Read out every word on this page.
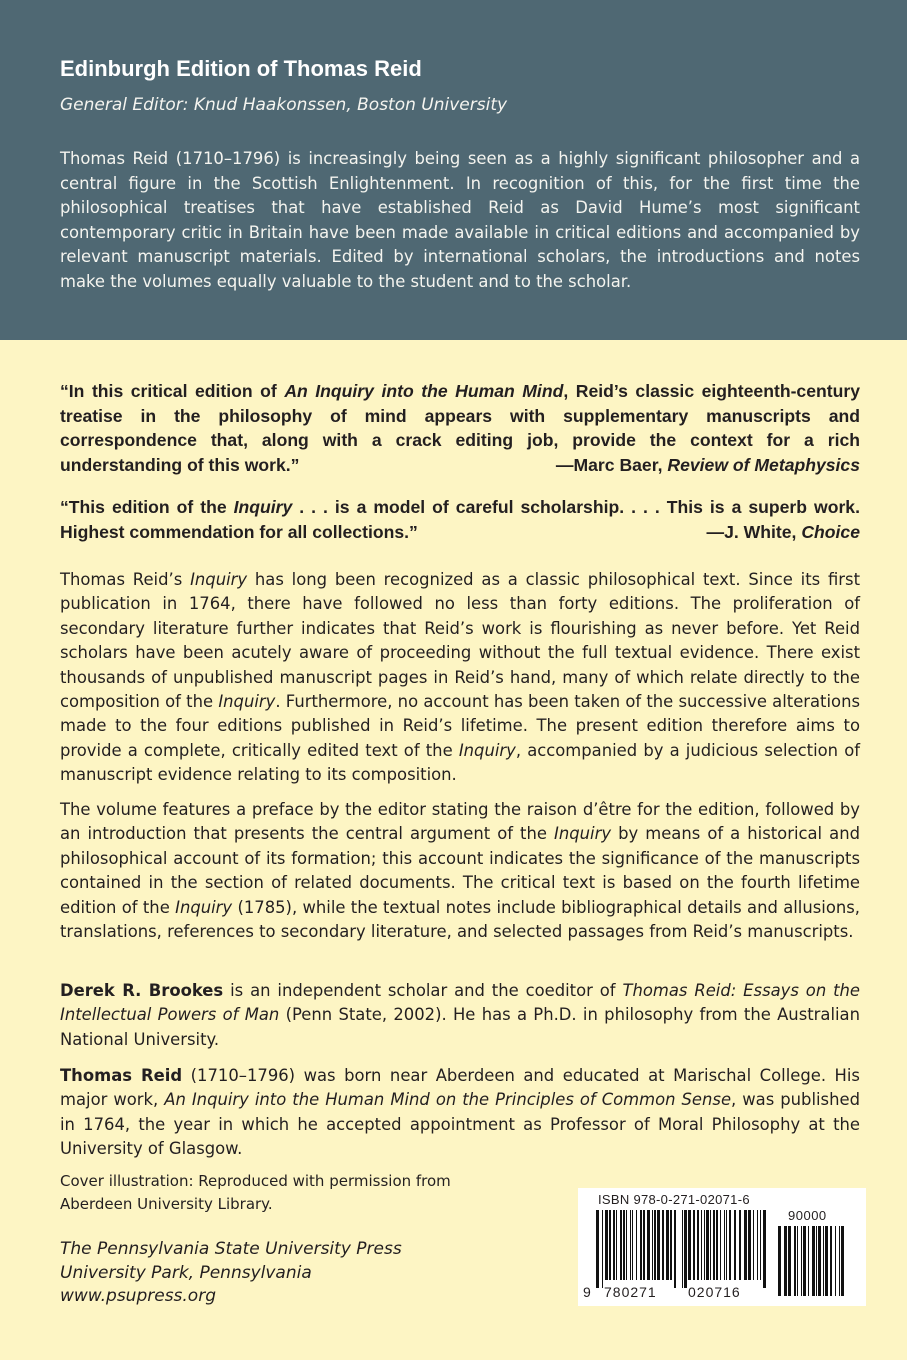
Edinburgh Edition of Thomas Reid
General Editor: Knud Haakonssen, Boston University
Thomas Reid (1710–1796) is increasingly being seen as a highly significant philosopher and a central figure in the Scottish Enlightenment. In recognition of this, for the first time the philosophical treatises that have established Reid as David Hume’s most significant contemporary critic in Britain have been made available in critical editions and accompanied by relevant manuscript materials. Edited by international scholars, the introductions and notes make the volumes equally valuable to the student and to the scholar.
“In this critical edition of An Inquiry into the Human Mind, Reid’s classic eighteenth-century treatise in the philosophy of mind appears with supplementary manuscripts and correspondence that, along with a crack editing job, provide the context for a rich understanding of this work.”	—Marc Baer, Review of Metaphysics
“This edition of the Inquiry . . . is a model of careful scholarship. . . . This is a superb work. Highest commendation for all collections.”	—J. White, Choice
Thomas Reid’s Inquiry has long been recognized as a classic philosophical text. Since its first publication in 1764, there have followed no less than forty editions. The proliferation of secondary literature further indicates that Reid’s work is flourishing as never before. Yet Reid scholars have been acutely aware of proceeding without the full textual evidence. There exist thousands of unpublished manuscript pages in Reid’s hand, many of which relate directly to the composition of the Inquiry. Furthermore, no account has been taken of the successive alterations made to the four editions published in Reid’s lifetime. The present edition therefore aims to provide a complete, critically edited text of the Inquiry, accompanied by a judicious selection of manuscript evidence relating to its composition.
The volume features a preface by the editor stating the raison d’être for the edition, followed by an introduction that presents the central argument of the Inquiry by means of a historical and philosophical account of its formation; this account indicates the significance of the manuscripts contained in the section of related documents. The critical text is based on the fourth lifetime edition of the Inquiry (1785), while the textual notes include bibliographical details and allusions, translations, references to secondary literature, and selected passages from Reid’s manuscripts.
Derek R. Brookes is an independent scholar and the coeditor of Thomas Reid: Essays on the Intellectual Powers of Man (Penn State, 2002). He has a Ph.D. in philosophy from the Australian National University.
Thomas Reid (1710–1796) was born near Aberdeen and educated at Marischal College. His major work, An Inquiry into the Human Mind on the Principles of Common Sense, was published in 1764, the year in which he accepted appointment as Professor of Moral Philosophy at the University of Glasgow.
Cover illustration: Reproduced with permission from Aberdeen University Library.
The Pennsylvania State University Press
University Park, Pennsylvania
www.psupress.org
ISBN 978-0-271-02071-6
90000
9 780271 020716
